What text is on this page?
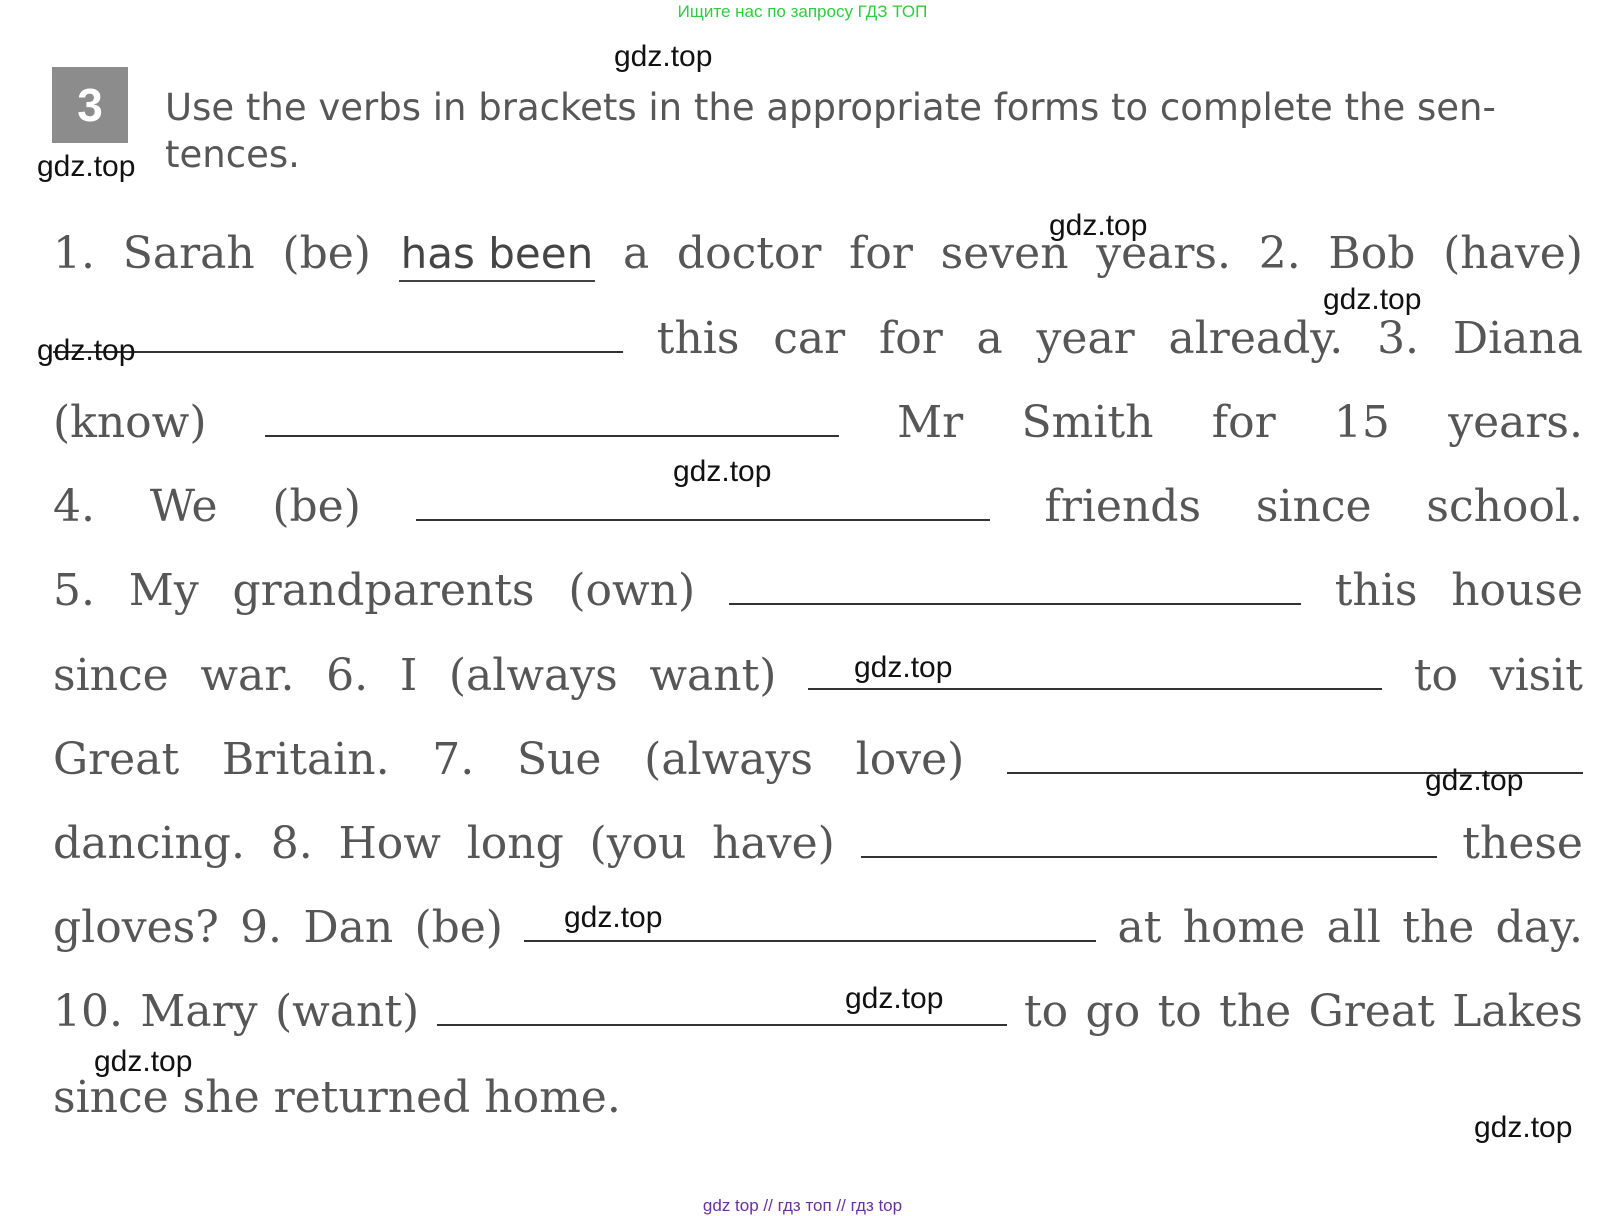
Ищите нас по запросу ГДЗ ТОП
gdz top // гдз топ // гдз top
3	Use the verbs in brackets in the appropriate forms to complete the sen-
tences.
1. Sarah (be) has been a doctor for seven years. 2. Bob (have)
this car for a year already. 3. Diana
(know)	Mr Smith for 15 years.
4. We (be)	friends since school.
5. My grandparents (own)	this house
since war. 6. I (always want)	to visit
Great Britain. 7. Sue (always love)
dancing. 8. How long (you have)	these
gloves? 9. Dan (be)	at home all the day.
10. Mary (want)	to go to the Great Lakes
since she returned home.
gdz.top
gdz.top
gdz.top
gdz.top
gdz.top
gdz.top
gdz.top
gdz.top
gdz.top
gdz.top
gdz.top
gdz.top
